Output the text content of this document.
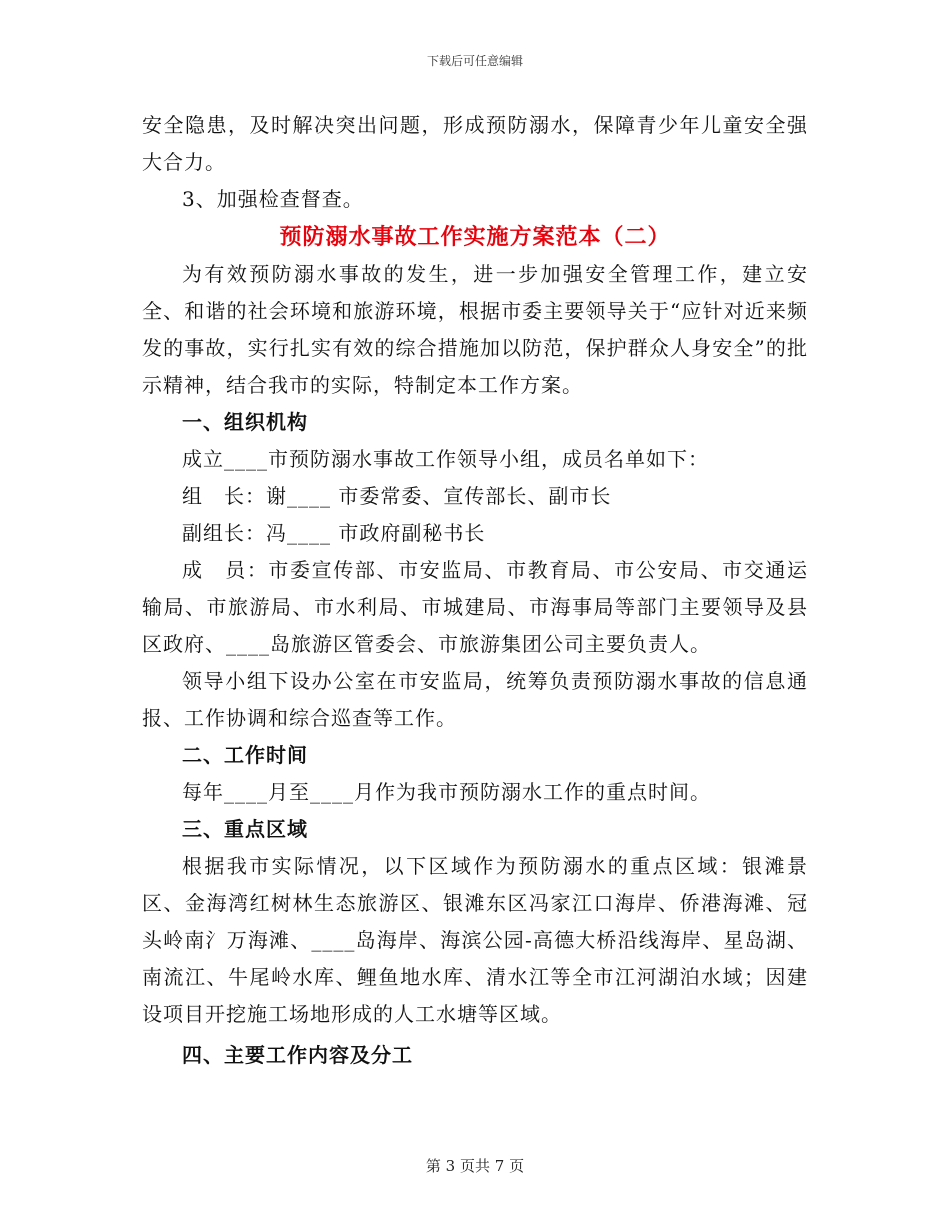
下载后可任意编辑

安全隐患，及时解决突出问题，形成预防溺水，保障青少年儿童安全强大合力。

3、加强检查督查。

预防溺水事故工作实施方案范本（二）

为有效预防溺水事故的发生，进一步加强安全管理工作，建立安全、和谐的社会环境和旅游环境，根据市委主要领导关于“应针对近来频发的事故，实行扎实有效的综合措施加以防范，保护群众人身安全”的批示精神，结合我市的实际，特制定本工作方案。

一、组织机构

成立____市预防溺水事故工作领导小组，成员名单如下：

组　长：谢____ 市委常委、宣传部长、副市长

副组长：冯____ 市政府副秘书长

成　员：市委宣传部、市安监局、市教育局、市公安局、市交通运输局、市旅游局、市水利局、市城建局、市海事局等部门主要领导及县区政府、____岛旅游区管委会、市旅游集团公司主要负责人。

领导小组下设办公室在市安监局，统筹负责预防溺水事故的信息通报、工作协调和综合巡查等工作。

二、工作时间

每年____月至____月作为我市预防溺水工作的重点时间。

三、重点区域

根据我市实际情况，以下区域作为预防溺水的重点区域：银滩景区、金海湾红树林生态旅游区、银滩东区冯家江口海岸、侨港海滩、冠头岭南氵万海滩、____岛海岸、海滨公园-高德大桥沿线海岸、星岛湖、南流江、牛尾岭水库、鲤鱼地水库、清水江等全市江河湖泊水域；因建设项目开挖施工场地形成的人工水塘等区域。

四、主要工作内容及分工

第 3 页共 7 页
